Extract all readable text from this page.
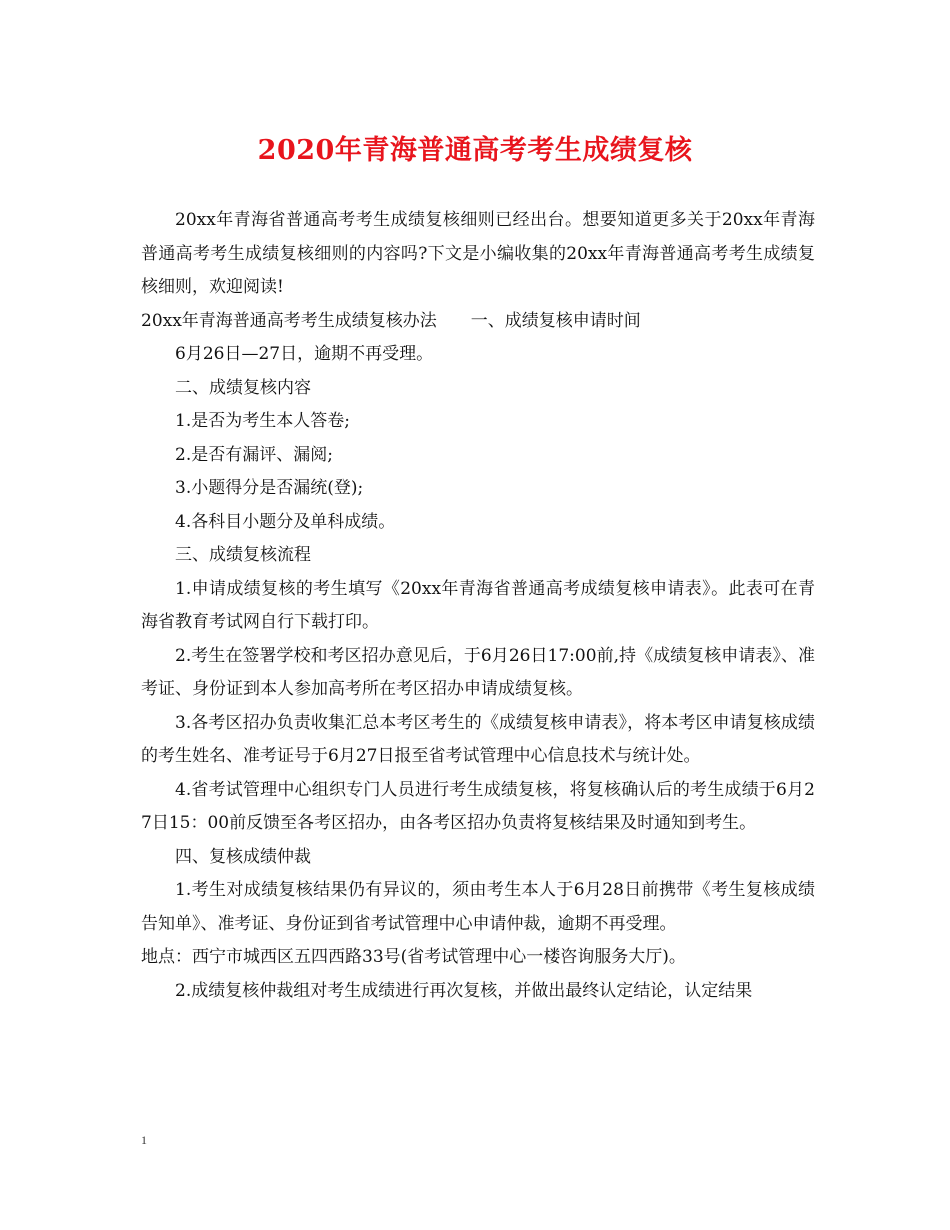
2020年青海普通高考考生成绩复核

20xx年青海省普通高考考生成绩复核细则已经出台。想要知道更多关于20xx年青海普通高考考生成绩复核细则的内容吗?下文是小编收集的20xx年青海普通高考考生成绩复核细则，欢迎阅读!

20xx年青海普通高考考生成绩复核办法　　一、成绩复核申请时间

6月26日—27日，逾期不再受理。

二、成绩复核内容

1.是否为考生本人答卷;

2.是否有漏评、漏阅;

3.小题得分是否漏统(登);

4.各科目小题分及单科成绩。

三、成绩复核流程

1.申请成绩复核的考生填写《20xx年青海省普通高考成绩复核申请表》。此表可在青海省教育考试网自行下载打印。

2.考生在签署学校和考区招办意见后，于6月26日17:00前,持《成绩复核申请表》、准考证、身份证到本人参加高考所在考区招办申请成绩复核。

3.各考区招办负责收集汇总本考区考生的《成绩复核申请表》，将本考区申请复核成绩的考生姓名、准考证号于6月27日报至省考试管理中心信息技术与统计处。

4.省考试管理中心组织专门人员进行考生成绩复核，将复核确认后的考生成绩于6月27日15：00前反馈至各考区招办，由各考区招办负责将复核结果及时通知到考生。

四、复核成绩仲裁

1.考生对成绩复核结果仍有异议的，须由考生本人于6月28日前携带《考生复核成绩告知单》、准考证、身份证到省考试管理中心申请仲裁，逾期不再受理。

地点：西宁市城西区五四西路33号(省考试管理中心一楼咨询服务大厅)。

2.成绩复核仲裁组对考生成绩进行再次复核，并做出最终认定结论，认定结果

1
